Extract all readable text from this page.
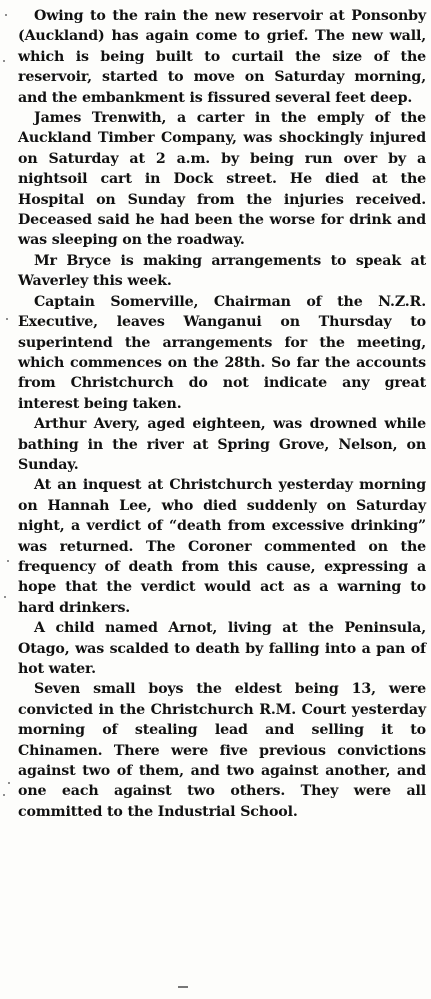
Owing to the rain the new reservoir at Ponsonby (Auckland) has again come to grief. The new wall, which is being built to curtail the size of the reservoir, started to move on Saturday morning, and the embankment is fissured several feet deep.

James Trenwith, a carter in the emply of the Auckland Timber Company, was shockingly injured on Saturday at 2 a.m. by being run over by a nightsoil cart in Dock street. He died at the Hospital on Sunday from the injuries received. Deceased said he had been the worse for drink and was sleeping on the roadway.

Mr Bryce is making arrangements to speak at Waverley this week.

Captain Somerville, Chairman of the N.Z.R. Executive, leaves Wanganui on Thursday to superintend the arrangements for the meeting, which commences on the 28th. So far the accounts from Christchurch do not indicate any great interest being taken.

Arthur Avery, aged eighteen, was drowned while bathing in the river at Spring Grove, Nelson, on Sunday.

At an inquest at Christchurch yesterday morning on Hannah Lee, who died suddenly on Saturday night, a verdict of “death from excessive drinking” was returned. The Coroner commented on the frequency of death from this cause, expressing a hope that the verdict would act as a warning to hard drinkers.

A child named Arnot, living at the Peninsula, Otago, was scalded to death by falling into a pan of hot water.

Seven small boys the eldest being 13, were convicted in the Christchurch R.M. Court yesterday morning of stealing lead and selling it to Chinamen. There were five previous convictions against two of them, and two against another, and one each against two others. They were all committed to the Industrial School.
